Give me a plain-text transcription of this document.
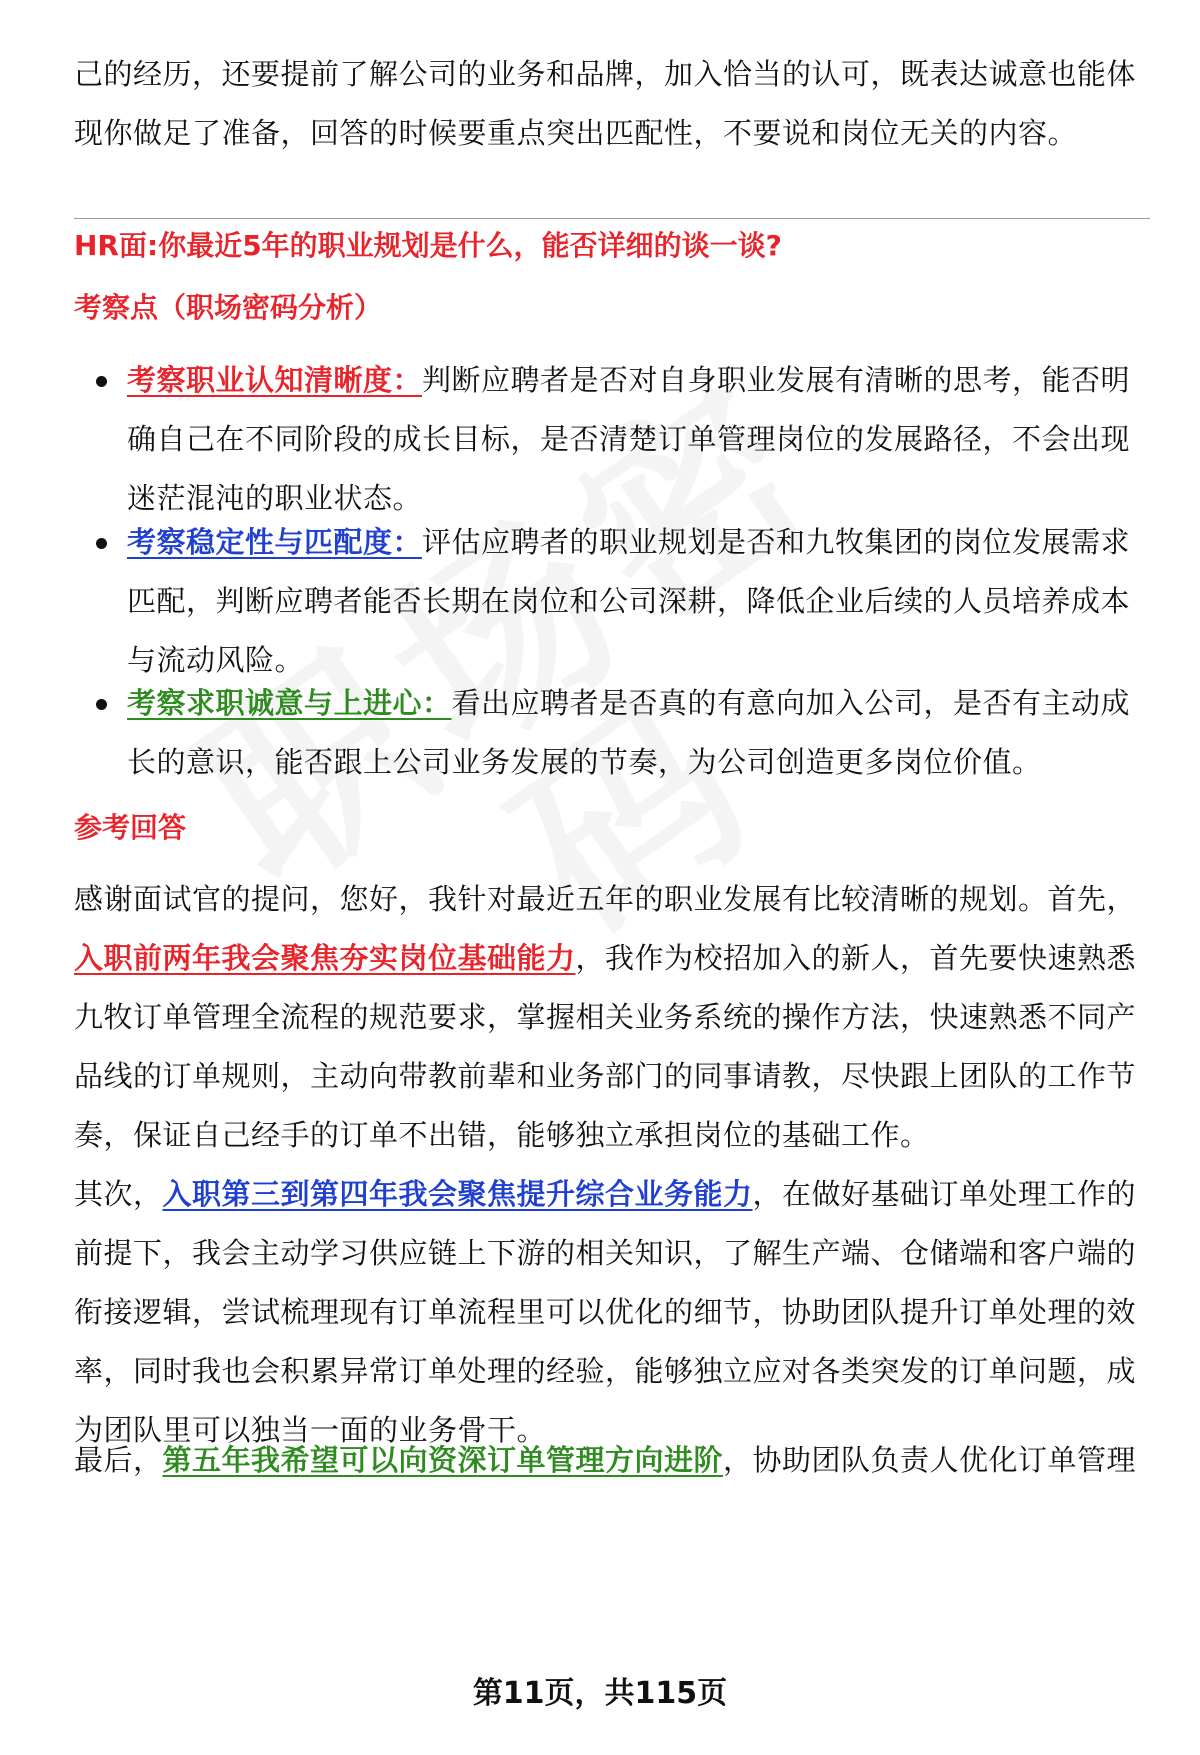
己的经历，还要提前了解公司的业务和品牌，加入恰当的认可，既表达诚意也能体现你做足了准备，回答的时候要重点突出匹配性，不要说和岗位无关的内容。
HR面:你最近5年的职业规划是什么，能否详细的谈一谈?
考察点（职场密码分析）
考察职业认知清晰度：判断应聘者是否对自身职业发展有清晰的思考，能否明确自己在不同阶段的成长目标，是否清楚订单管理岗位的发展路径，不会出现迷茫混沌的职业状态。
考察稳定性与匹配度：评估应聘者的职业规划是否和九牧集团的岗位发展需求匹配，判断应聘者能否长期在岗位和公司深耕，降低企业后续的人员培养成本与流动风险。
考察求职诚意与上进心：看出应聘者是否真的有意向加入公司，是否有主动成长的意识，能否跟上公司业务发展的节奏，为公司创造更多岗位价值。
参考回答
感谢面试官的提问，您好，我针对最近五年的职业发展有比较清晰的规划。首先，入职前两年我会聚焦夯实岗位基础能力，我作为校招加入的新人，首先要快速熟悉九牧订单管理全流程的规范要求，掌握相关业务系统的操作方法，快速熟悉不同产品线的订单规则，主动向带教前辈和业务部门的同事请教，尽快跟上团队的工作节奏，保证自己经手的订单不出错，能够独立承担岗位的基础工作。
其次，入职第三到第四年我会聚焦提升综合业务能力，在做好基础订单处理工作的前提下，我会主动学习供应链上下游的相关知识，了解生产端、仓储端和客户端的衔接逻辑，尝试梳理现有订单流程里可以优化的细节，协助团队提升订单处理的效率，同时我也会积累异常订单处理的经验，能够独立应对各类突发的订单问题，成为团队里可以独当一面的业务骨干。
最后，第五年我希望可以向资深订单管理方向进阶，协助团队负责人优化订单管理
第11页，共115页
